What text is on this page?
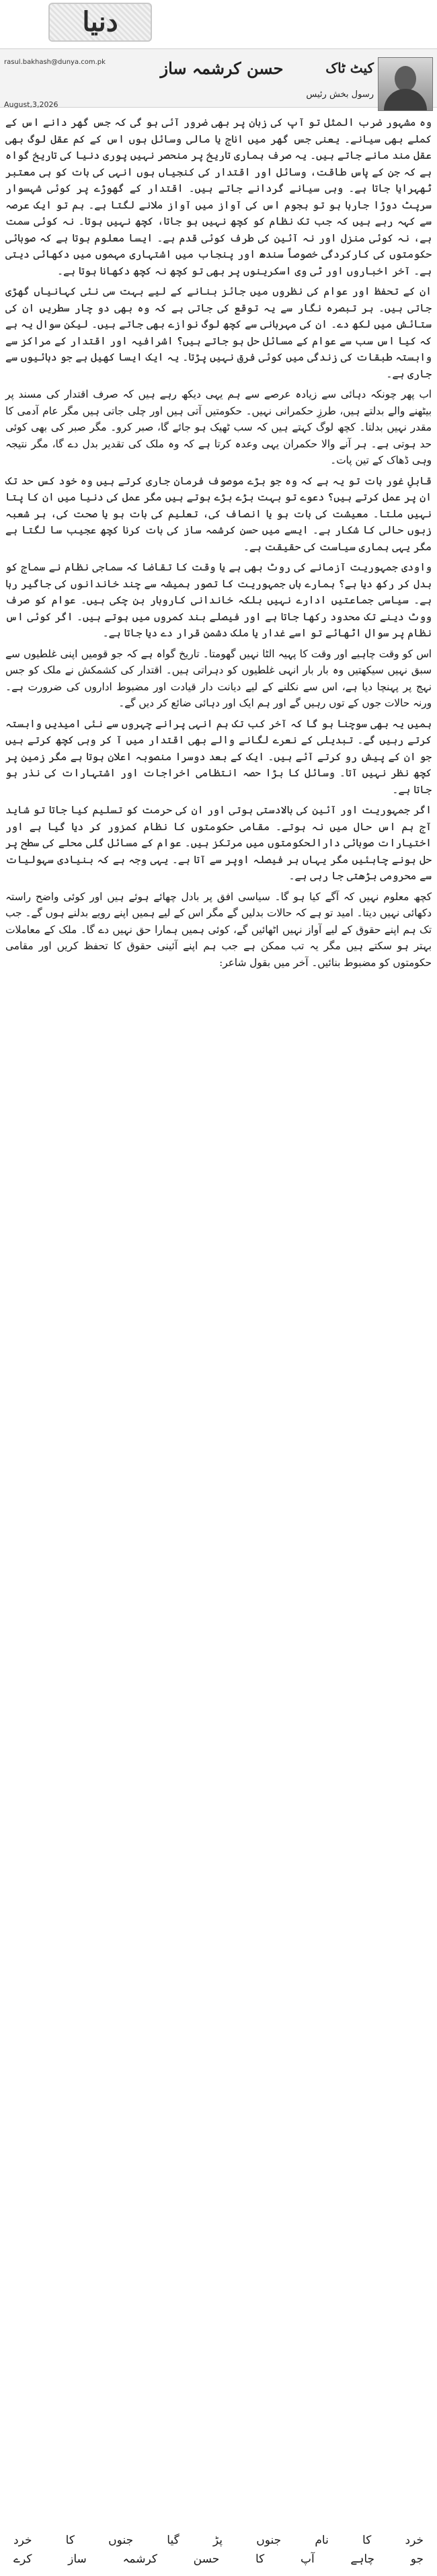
دنیا
rasul.bakhash@dunya.com.pk
August,3,2026
حسن کرشمہ ساز	کیٹ ٹاک
رسول بخش رئیس

وہ مشہور ضرب المثل تو آپ کی زبان پر بھی ضرور آئی ہو گی کہ جس گھر دانے اس کے کملے بھی سیانے۔ یعنی جس گھر میں اناج یا مالی وسائل ہوں اس کے کم عقل لوگ بھی عقل مند مانے جاتے ہیں۔ یہ صرف ہماری تاریخ پر منحصر نہیں پوری دنیا کی تاریخ گواہ ہے کہ جن کے پاس طاقت، وسائل اور اقتدار کی کنجیاں ہوں انہی کی بات کو ہی معتبر ٹھہرایا جاتا ہے۔ وہی سیانے گردانے جاتے ہیں۔ اقتدار کے گھوڑے پر کوئی شہسوار سرپٹ دوڑا جارہا ہو تو ہجوم اس کی آواز میں آواز ملانے لگتا ہے۔ ہم تو ایک عرصہ سے کہہ رہے ہیں کہ جب تک نظام کو کچھ نہیں ہو جاتا، کچھ نہیں ہوتا۔ نہ کوئی سمت ہے، نہ کوئی منزل اور نہ آئین کی طرف کوئی قدم ہے۔ ایسا معلوم ہوتا ہے کہ صوبائی حکومتوں کی کارکردگی خصوصاً سندھ اور پنجاب میں اشتہاری مہموں میں دکھائی دیتی ہے۔ آخر اخباروں اور ٹی وی اسکرینوں پر بھی تو کچھ نہ کچھ دکھانا ہوتا ہے۔

ان کے تحفظ اور عوام کی نظروں میں جائز بنانے کے لیے بہت سی نئی کہانیاں گھڑی جاتی ہیں۔ ہر تبصرہ نگار سے یہ توقع کی جاتی ہے کہ وہ بھی دو چار سطریں ان کی ستائش میں لکھ دے۔ ان کی مہربانی سے کچھ لوگ نوازے بھی جاتے ہیں۔ لیکن سوال یہ ہے کہ کیا اس سب سے عوام کے مسائل حل ہو جاتے ہیں؟ اشرافیہ اور اقتدار کے مراکز سے وابستہ طبقات کی زندگی میں کوئی فرق نہیں پڑتا۔ یہ ایک ایسا کھیل ہے جو دہائیوں سے جاری ہے۔

اب پھر چونکہ دہائی سے زیادہ عرصے سے ہم یہی دیکھ رہے ہیں کہ صرف اقتدار کی مسند پر بیٹھنے والے بدلتے ہیں، طرزِ حکمرانی نہیں۔ حکومتیں آتی ہیں اور چلی جاتی ہیں مگر عام آدمی کا مقدر نہیں بدلتا۔ کچھ لوگ کہتے ہیں کہ سب ٹھیک ہو جائے گا، صبر کرو۔ مگر صبر کی بھی کوئی حد ہوتی ہے۔ ہر آنے والا حکمران یہی وعدہ کرتا ہے کہ وہ ملک کی تقدیر بدل دے گا، مگر نتیجہ وہی ڈھاک کے تین پات۔

قابلِ غور بات تو یہ ہے کہ وہ جو بڑے موصوف فرمان جاری کرتے ہیں وہ خود کس حد تک ان پر عمل کرتے ہیں؟ دعوے تو بہت بڑے بڑے ہوتے ہیں مگر عمل کی دنیا میں ان کا پتا نہیں ملتا۔ معیشت کی بات ہو یا انصاف کی، تعلیم کی بات ہو یا صحت کی، ہر شعبہ زبوں حالی کا شکار ہے۔ ایسے میں حسن کرشمہ ساز کی بات کرنا کچھ عجیب سا لگتا ہے مگر یہی ہماری سیاست کی حقیقت ہے۔

واودی جمہوریت آزمانے کی روٹ بھی ہے یا وقت کا تقاضا کہ سماجی نظام نے سماج کو بدل کر رکھ دیا ہے؟ ہمارے ہاں جمہوریت کا تصور ہمیشہ سے چند خاندانوں کی جاگیر رہا ہے۔ سیاسی جماعتیں ادارے نہیں بلکہ خاندانی کاروبار بن چکی ہیں۔ عوام کو صرف ووٹ دینے تک محدود رکھا جاتا ہے اور فیصلے بند کمروں میں ہوتے ہیں۔ اگر کوئی اس نظام پر سوال اٹھائے تو اسے غدار یا ملک دشمن قرار دے دیا جاتا ہے۔

اس کو وقت چاہیے اور وقت کا پہیہ الٹا نہیں گھومتا۔ تاریخ گواہ ہے کہ جو قومیں اپنی غلطیوں سے سبق نہیں سیکھتیں وہ بار بار انہی غلطیوں کو دہراتی ہیں۔ اقتدار کی کشمکش نے ملک کو جس نہج پر پہنچا دیا ہے، اس سے نکلنے کے لیے دیانت دار قیادت اور مضبوط اداروں کی ضرورت ہے۔ ورنہ حالات جوں کے توں رہیں گے اور ہم ایک اور دہائی ضائع کر دیں گے۔

ہمیں یہ بھی سوچنا ہو گا کہ آخر کب تک ہم انہی پرانے چہروں سے نئی امیدیں وابستہ کرتے رہیں گے۔ تبدیلی کے نعرے لگانے والے بھی اقتدار میں آ کر وہی کچھ کرتے ہیں جو ان کے پیش رو کرتے آئے ہیں۔ ایک کے بعد دوسرا منصوبہ اعلان ہوتا ہے مگر زمین پر کچھ نظر نہیں آتا۔ وسائل کا بڑا حصہ انتظامی اخراجات اور اشتہارات کی نذر ہو جاتا ہے۔

اگر جمہوریت اور آئین کی بالادستی ہوتی اور ان کی حرمت کو تسلیم کیا جاتا تو شاید آج ہم اس حال میں نہ ہوتے۔ مقامی حکومتوں کا نظام کمزور کر دیا گیا ہے اور اختیارات صوبائی دارالحکومتوں میں مرتکز ہیں۔ عوام کے مسائل گلی محلے کی سطح پر حل ہونے چاہئیں مگر یہاں ہر فیصلہ اوپر سے آتا ہے۔ یہی وجہ ہے کہ بنیادی سہولیات سے محرومی بڑھتی جا رہی ہے۔

کچھ معلوم نہیں کہ آگے کیا ہو گا۔ سیاسی افق پر بادل چھائے ہوئے ہیں اور کوئی واضح راستہ دکھائی نہیں دیتا۔ امید تو ہے کہ حالات بدلیں گے مگر اس کے لیے ہمیں اپنے رویے بدلنے ہوں گے۔ جب تک ہم اپنے حقوق کے لیے آواز نہیں اٹھائیں گے، کوئی ہمیں ہمارا حق نہیں دے گا۔ ملک کے معاملات بہتر ہو سکتے ہیں مگر یہ تب ممکن ہے جب ہم اپنے آئینی حقوق کا تحفظ کریں اور مقامی حکومتوں کو مضبوط بنائیں۔ آخر میں بقول شاعر:

خرد کا نام جنوں پڑ گیا جنوں کا خرد
جو چاہے آپ کا حسن کرشمہ ساز کرے
